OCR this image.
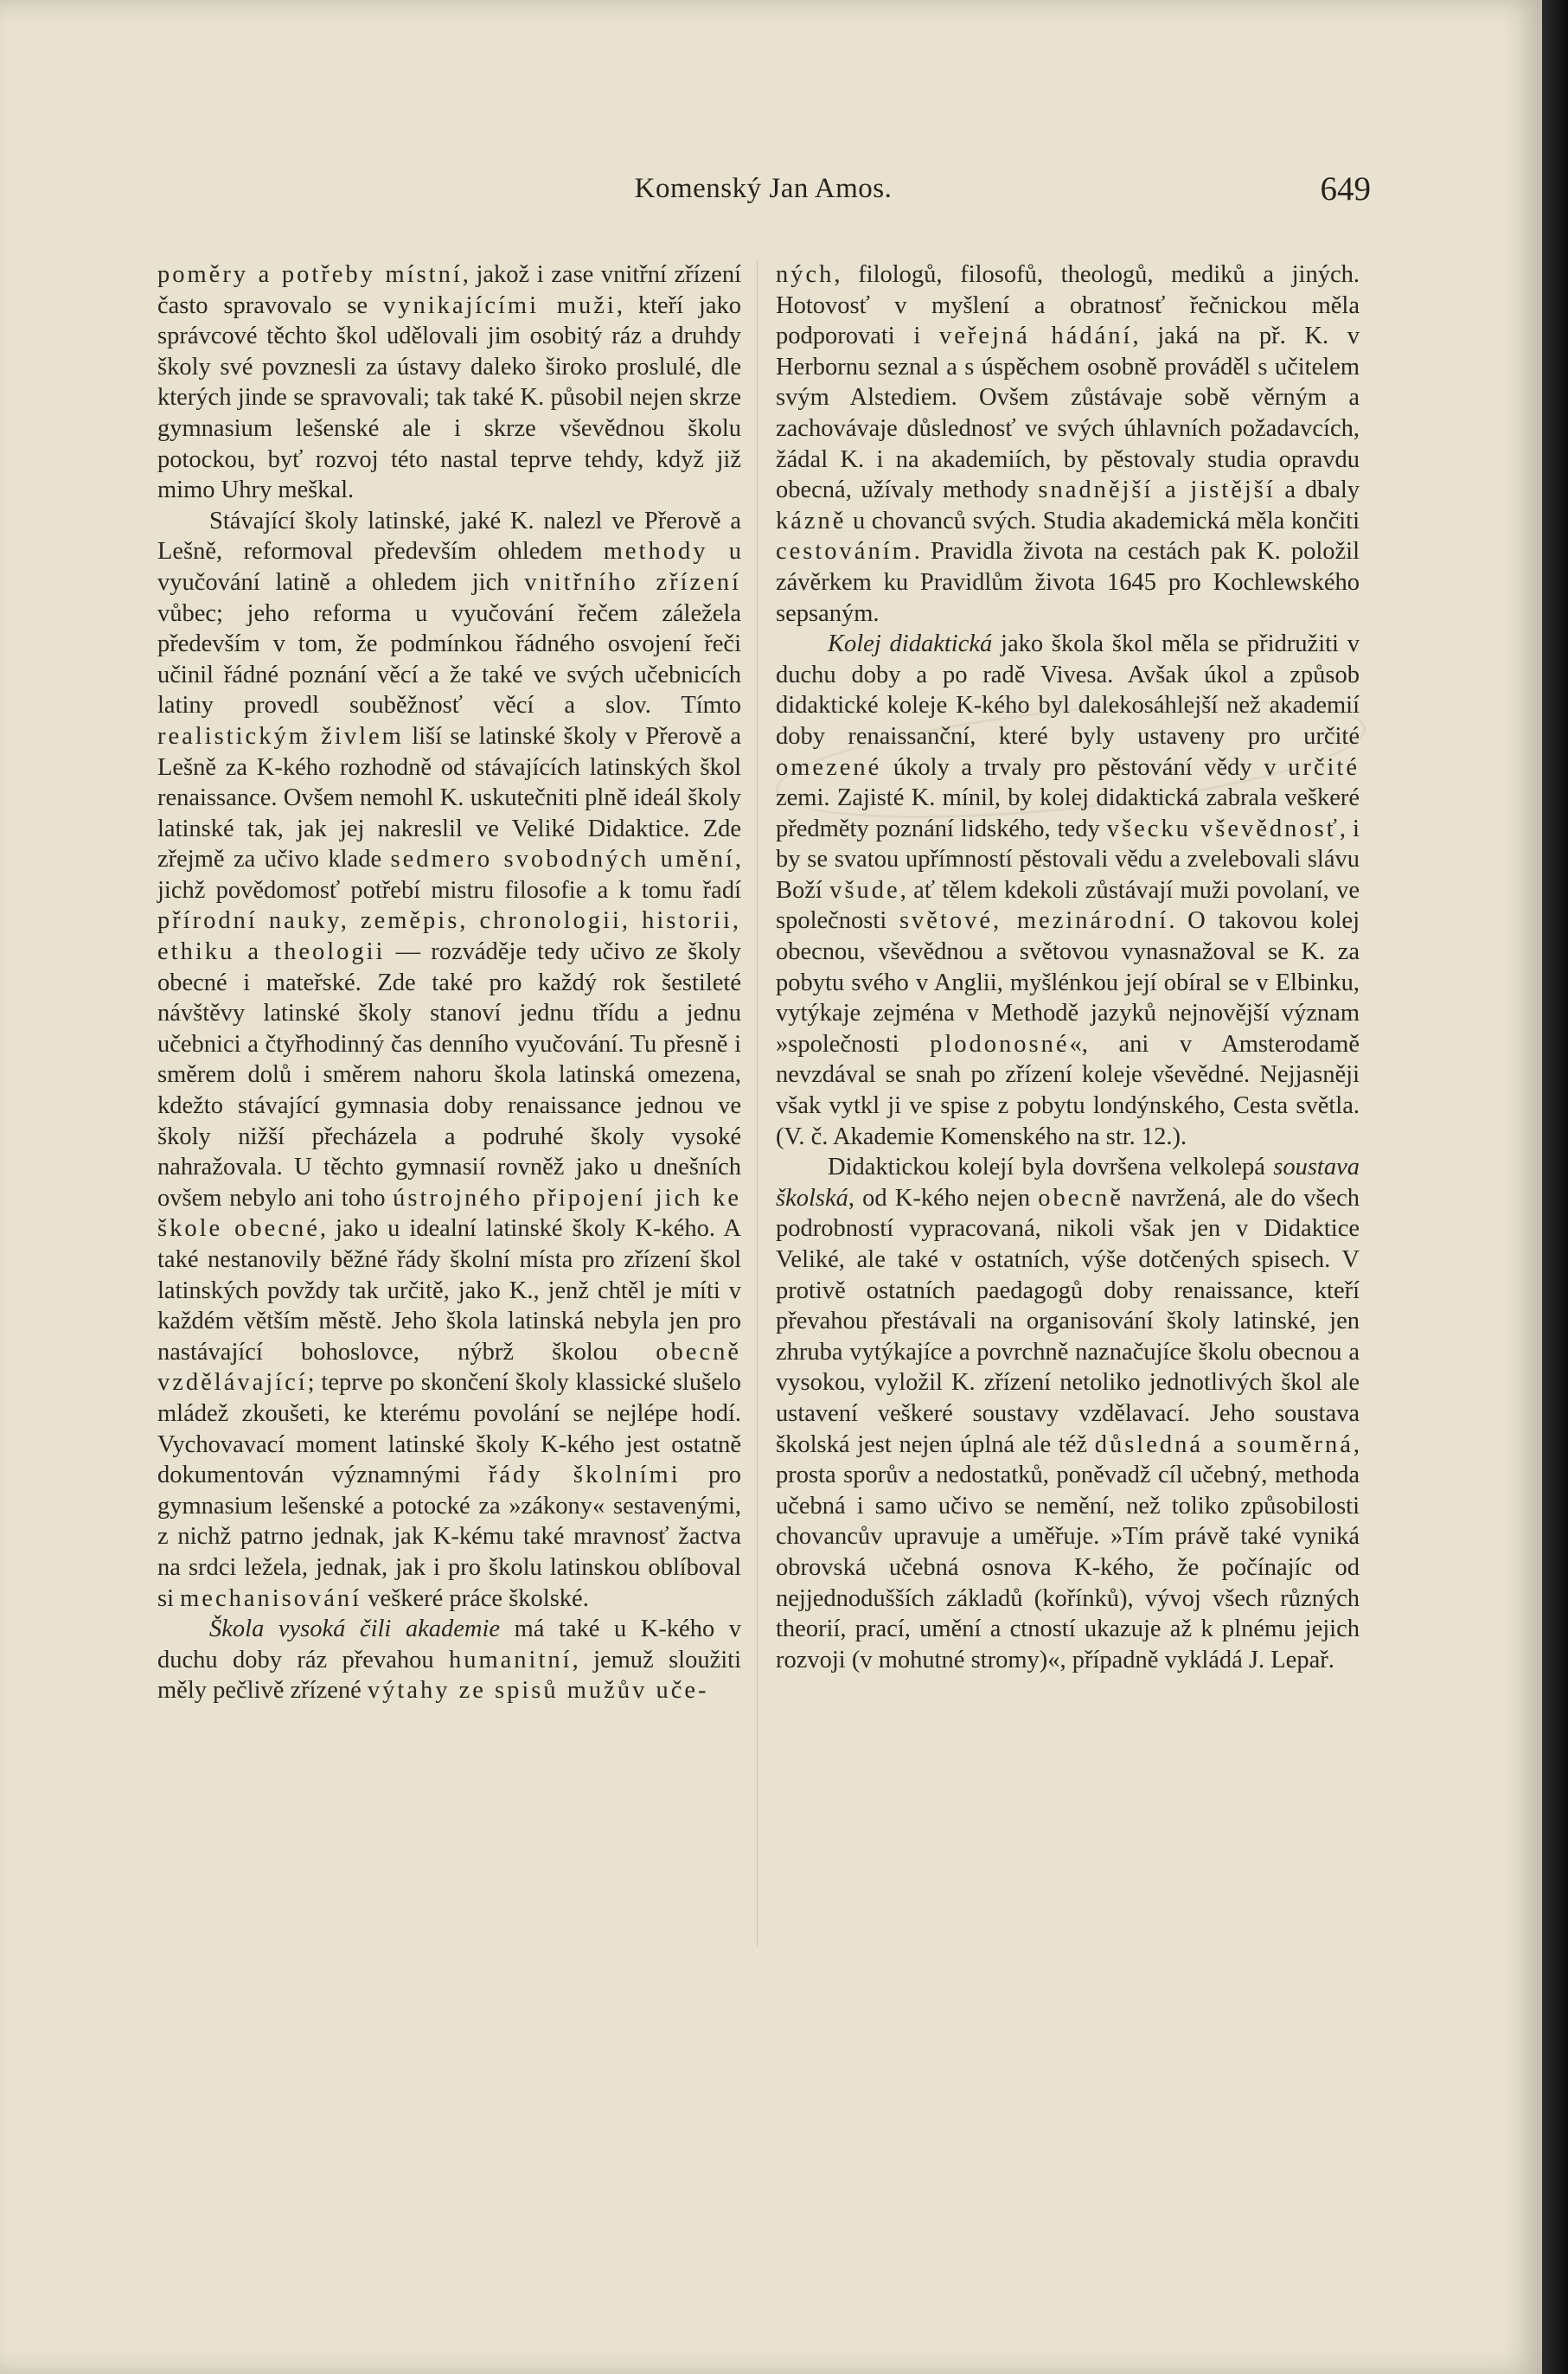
Komenský Jan Amos.	649

poměry a potřeby místní, jakož i zase vnitřní zřízení často spravovalo se vynikajícími muži, kteří jako správcové těchto škol udělovali jim osobitý ráz a druhdy školy své povznesli za ústavy daleko široko proslulé, dle kterých jinde se spravovali; tak také K. působil nejen skrze gymnasium lešenské ale i skrze vševědnou školu potockou, byť rozvoj této nastal teprve tehdy, když již mimo Uhry meškal.

Stávající školy latinské, jaké K. nalezl ve Přerově a Lešně, reformoval především ohledem methody u vyučování latině a ohledem jich vnitřního zřízení vůbec; jeho reforma u vyučování řečem záležela především v tom, že podmínkou řádného osvojení řeči učinil řádné poznání věcí a že také ve svých učebnicích latiny provedl souběžnosť věcí a slov. Tímto realistickým živlem liší se latinské školy v Přerově a Lešně za K-kého rozhodně od stávajících latinských škol renaissance. Ovšem nemohl K. uskutečniti plně ideál školy latinské tak, jak jej nakreslil ve Veliké Didaktice. Zde zřejmě za učivo klade sedmero svobodných umění, jichž povědomosť potřebí mistru filosofie a k tomu řadí přírodní nauky, zeměpis, chronologii, historii, ethiku a theologii — rozváděje tedy učivo ze školy obecné i mateřské. Zde také pro každý rok šestileté návštěvy latinské školy stanoví jednu třídu a jednu učebnici a čtyřhodinný čas denního vyučování. Tu přesně i směrem dolů i směrem nahoru škola latinská omezena, kdežto stávající gymnasia doby renaissance jednou ve školy nižší přecházela a podruhé školy vysoké nahražovala. U těchto gymnasií rovněž jako u dnešních ovšem nebylo ani toho ústrojného připojení jich ke škole obecné, jako u idealní latinské školy K-kého. A také nestanovily běžné řády školní místa pro zřízení škol latinských povždy tak určitě, jako K., jenž chtěl je míti v každém větším městě. Jeho škola latinská nebyla jen pro nastávající bohoslovce, nýbrž školou obecně vzdělávající; teprve po skončení školy klassické slušelo mládež zkoušeti, ke kterému povolání se nejlépe hodí. Vychovavací moment latinské školy K-kého jest ostatně dokumentován významnými řády školními pro gymnasium lešenské a potocké za »zákony« sestavenými, z nichž patrno jednak, jak K-kému také mravnosť žactva na srdci ležela, jednak, jak i pro školu latinskou oblíboval si mechanisování veškeré práce školské.

Škola vysoká čili akademie má také u K-kého v duchu doby ráz převahou humanitní, jemuž sloužiti měly pečlivě zřízené výtahy ze spisů mužův uče-

ných, filologů, filosofů, theologů, mediků a jiných. Hotovosť v myšlení a obratnosť řečnickou měla podporovati i veřejná hádání, jaká na př. K. v Herbornu seznal a s úspěchem osobně prováděl s učitelem svým Alstediem. Ovšem zůstávaje sobě věrným a zachovávaje důslednosť ve svých úhlavních požadavcích, žádal K. i na akademiích, by pěstovaly studia opravdu obecná, užívaly methody snadnější a jistější a dbaly kázně u chovanců svých. Studia akademická měla končiti cestováním. Pravidla života na cestách pak K. položil závěrkem ku Pravidlům života 1645 pro Kochlewského sepsaným.

Kolej didaktická jako škola škol měla se přidružiti v duchu doby a po radě Vivesa. Avšak úkol a způsob didaktické koleje K-kého byl dalekosáhlejší než akademií doby renaissanční, které byly ustaveny pro určité omezené úkoly a trvaly pro pěstování vědy v určité zemi. Zajisté K. mínil, by kolej didaktická zabrala veškeré předměty poznání lidského, tedy všecku vševědnosť, i by se svatou upřímností pěstovali vědu a zvelebovali slávu Boží všude, ať tělem kdekoli zůstávají muži povolaní, ve společnosti světové, mezinárodní. O takovou kolej obecnou, vševědnou a světovou vynasnažoval se K. za pobytu svého v Anglii, myšlénkou její obíral se v Elbinku, vytýkaje zejména v Methodě jazyků nejnovější význam »společnosti plodonosné«, ani v Amsterodamě nevzdával se snah po zřízení koleje vševědné. Nejjasněji však vytkl ji ve spise z pobytu londýnského, Cesta světla. (V. č. Akademie Komenského na str. 12.).

Didaktickou kolejí byla dovršena velkolepá soustava školská, od K-kého nejen obecně navržená, ale do všech podrobností vypracovaná, nikoli však jen v Didaktice Veliké, ale také v ostatních, výše dotčených spisech. V protivě ostatních paedagogů doby renaissance, kteří převahou přestávali na organisování školy latinské, jen zhruba vytýkajíce a povrchně naznačujíce školu obecnou a vysokou, vyložil K. zřízení netoliko jednotlivých škol ale ustavení veškeré soustavy vzdělavací. Jeho soustava školská jest nejen úplná ale též důsledná a souměrná, prosta sporův a nedostatků, poněvadž cíl učebný, methoda učebná i samo učivo se nemění, než toliko způsobilosti chovancův upravuje a uměřuje. »Tím právě také vyniká obrovská učebná osnova K-kého, že počínajíc od nejjednodušších základů (kořínků), vývoj všech různých theorií, prací, umění a ctností ukazuje až k plnému jejich rozvoji (v mohutné stromy)«, případně vykládá J. Lepař.
